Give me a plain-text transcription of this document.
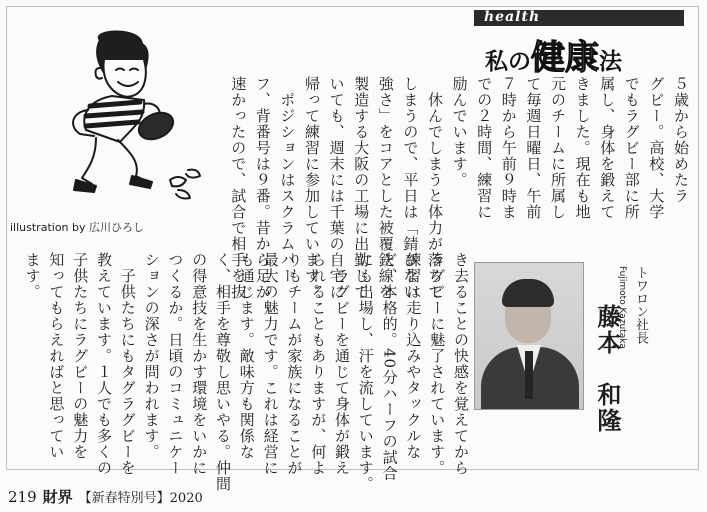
health
私の健康法
トワロン社長
Fujimoto Kazutaka
藤本　和隆
５歳から始めたラ
グビー。高校、大学
でもラグビー部に所
属し、身体を鍛えて
きました。現在も地
元のチームに所属し
て毎週日曜日、午前
７時から午前９時ま
での２時間、練習に
励んでいます。
　休んでしまうと体力が落ちて
しまうので、平日は「錆びない
強さ」をコアとした被覆鉄線を
製造する大阪の工場に出勤して
いても、週末には千葉の自宅に
帰って練習に参加しています。
　ポジションはスクラムハー
フ、背番号は９番。昔から足が
速かったので、試合で相手を抜
き去ることの快感を覚えてから
ラグビーに魅了されています。
練習は走り込みやタックルな
ど、本格的。40分ハーフの試合
にも出場し、汗を流しています。
　ラグビーを通じて身体が鍛え
られることもありますが、何よ
りもチームが家族になることが
最大の魅力です。これは経営に
も通じます。敵味方も関係な
く、相手を尊敬し思いやる。仲間
の得意技を生かす環境をいかに
つくるか。日頃のコミュニケー
ションの深さが問われます。
　子供たちにもタグラグビーを
教えています。１人でも多くの
子供たちにラグビーの魅力を
知ってもらえればと思ってい
ます。
illustration by 広川ひろし
219 財界 【新春特別号】2020
